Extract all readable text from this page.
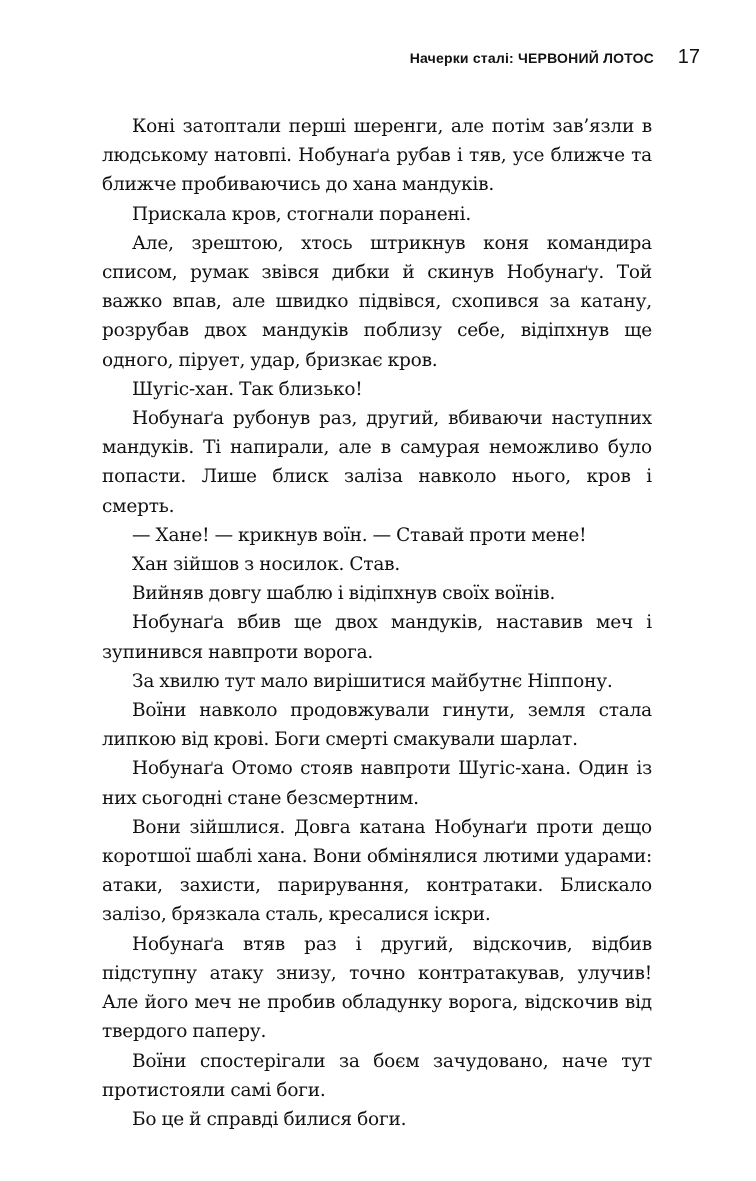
Начерки сталі: ЧЕРВОНИЙ ЛОТОС 17

Коні затоптали перші шеренги, але потім зав’язли в людському натовпі. Нобунаґа рубав і тяв, усе ближче та ближче пробиваючись до хана мандуків.

Прискала кров, стогнали поранені.

Але, зрештою, хтось штрикнув коня командира списом, румак звівся дибки й скинув Нобунаґу. Той важко впав, але швидко підвівся, схопився за катану, розрубав двох мандуків поблизу себе, відіпхнув ще одного, пірует, удар, бризкає кров.

Шугіс-хан. Так близько!

Нобунаґа рубонув раз, другий, вбиваючи наступних мандуків. Ті напирали, але в самурая неможливо було попасти. Лише блиск заліза навколо нього, кров і смерть.

— Хане! — крикнув воїн. — Ставай проти мене!

Хан зійшов з носилок. Став.

Вийняв довгу шаблю і відіпхнув своїх воїнів.

Нобунаґа вбив ще двох мандуків, наставив меч і зупинився навпроти ворога.

За хвилю тут мало вирішитися майбутнє Ніппону.

Воїни навколо продовжували гинути, земля стала липкою від крові. Боги смерті смакували шарлат.

Нобунаґа Отомо стояв навпроти Шугіс-хана. Один із них сьогодні стане безсмертним.

Вони зійшлися. Довга катана Нобунаґи проти дещо коротшої шаблі хана. Вони обмінялися лютими ударами: атаки, захисти, парирування, контратаки. Блискало залізо, брязкала сталь, кресалися іскри.

Нобунаґа втяв раз і другий, відскочив, відбив підступну атаку знизу, точно контратакував, улучив! Але його меч не пробив обладунку ворога, відскочив від твердого паперу.

Воїни спостерігали за боєм зачудовано, наче тут протистояли самі боги.

Бо це й справді билися боги.
